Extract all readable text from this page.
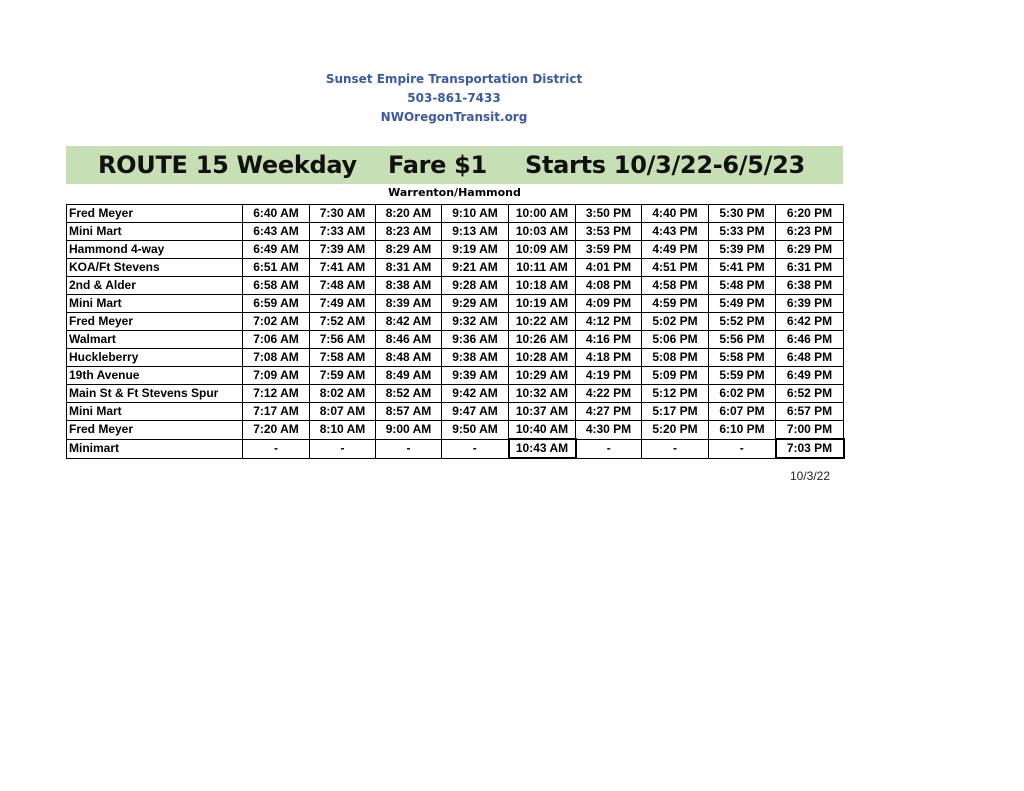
Sunset Empire Transportation District
503-861-7433
NWOregonTransit.org
ROUTE 15 Weekday Fare $1 Starts 10/3/22-6/5/23
Warrenton/Hammond
Fred Meyer	6:40 AM	7:30 AM	8:20 AM	9:10 AM	10:00 AM	3:50 PM	4:40 PM	5:30 PM	6:20 PM
Mini Mart	6:43 AM	7:33 AM	8:23 AM	9:13 AM	10:03 AM	3:53 PM	4:43 PM	5:33 PM	6:23 PM
Hammond 4-way	6:49 AM	7:39 AM	8:29 AM	9:19 AM	10:09 AM	3:59 PM	4:49 PM	5:39 PM	6:29 PM
KOA/Ft Stevens	6:51 AM	7:41 AM	8:31 AM	9:21 AM	10:11 AM	4:01 PM	4:51 PM	5:41 PM	6:31 PM
2nd & Alder	6:58 AM	7:48 AM	8:38 AM	9:28 AM	10:18 AM	4:08 PM	4:58 PM	5:48 PM	6:38 PM
Mini Mart	6:59 AM	7:49 AM	8:39 AM	9:29 AM	10:19 AM	4:09 PM	4:59 PM	5:49 PM	6:39 PM
Fred Meyer	7:02 AM	7:52 AM	8:42 AM	9:32 AM	10:22 AM	4:12 PM	5:02 PM	5:52 PM	6:42 PM
Walmart	7:06 AM	7:56 AM	8:46 AM	9:36 AM	10:26 AM	4:16 PM	5:06 PM	5:56 PM	6:46 PM
Huckleberry	7:08 AM	7:58 AM	8:48 AM	9:38 AM	10:28 AM	4:18 PM	5:08 PM	5:58 PM	6:48 PM
19th Avenue	7:09 AM	7:59 AM	8:49 AM	9:39 AM	10:29 AM	4:19 PM	5:09 PM	5:59 PM	6:49 PM
Main St & Ft Stevens Spur	7:12 AM	8:02 AM	8:52 AM	9:42 AM	10:32 AM	4:22 PM	5:12 PM	6:02 PM	6:52 PM
Mini Mart	7:17 AM	8:07 AM	8:57 AM	9:47 AM	10:37 AM	4:27 PM	5:17 PM	6:07 PM	6:57 PM
Fred Meyer	7:20 AM	8:10 AM	9:00 AM	9:50 AM	10:40 AM	4:30 PM	5:20 PM	6:10 PM	7:00 PM
Minimart	-	-	-	-	10:43 AM	-	-	-	7:03 PM
10/3/22
